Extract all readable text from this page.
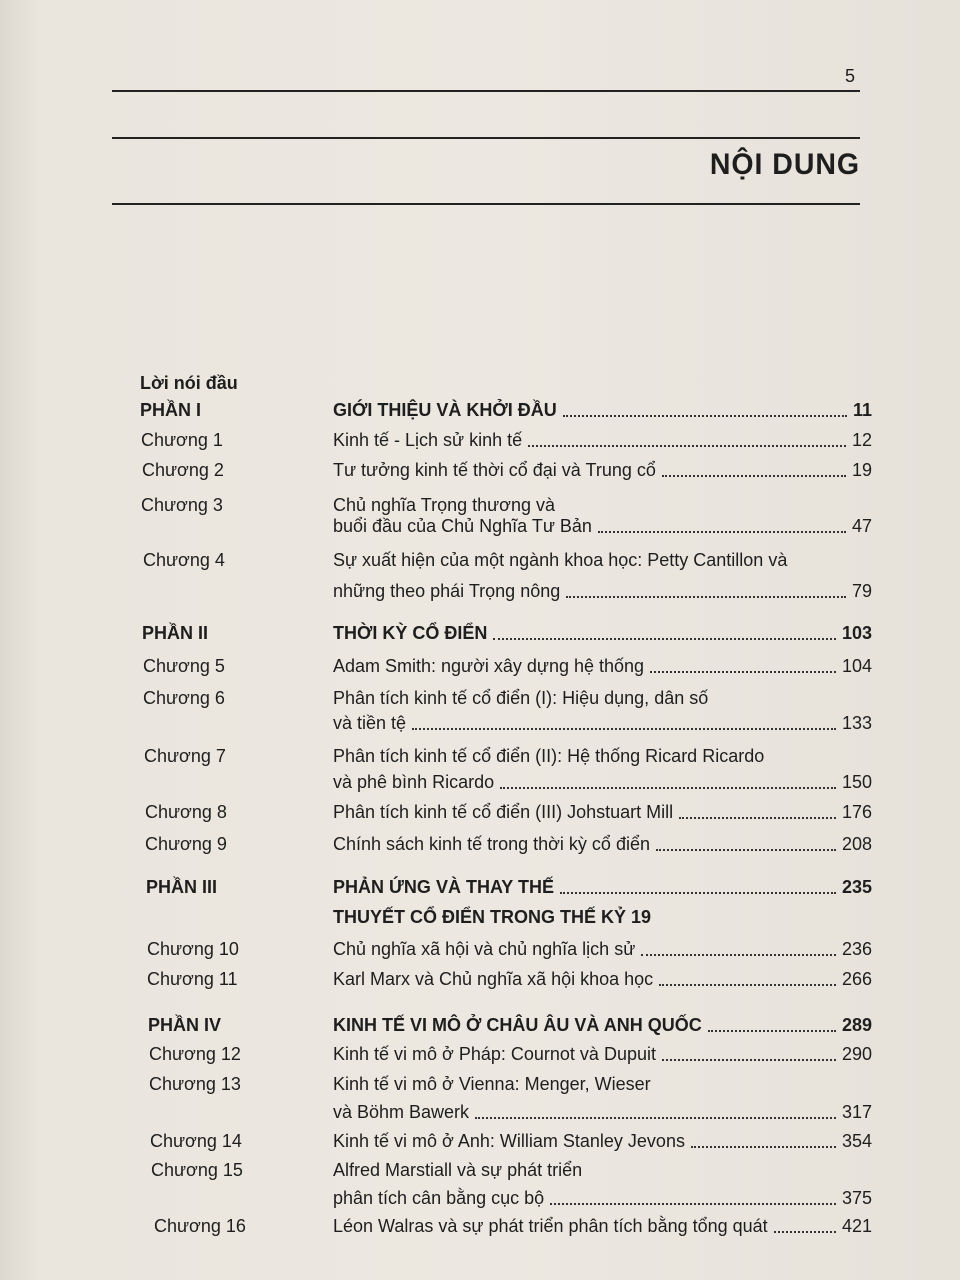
5
NỘI DUNG
Lời nói đầu
PHẦN I	GIỚI THIỆU VÀ KHỞI ĐẦU	11
Chương 1	Kinh tế - Lịch sử kinh tế	12
Chương 2	Tư tưởng kinh tế thời cổ đại và Trung cổ	19
Chương 3	Chủ nghĩa Trọng thương và
buổi đầu của Chủ Nghĩa Tư Bản	47
Chương 4	Sự xuất hiện của một ngành khoa học: Petty Cantillon và
những theo phái Trọng nông	79
PHẦN II	THỜI KỲ CỔ ĐIỂN	103
Chương 5	Adam Smith: người xây dựng hệ thống	104
Chương 6	Phân tích kinh tế cổ điển (I): Hiệu dụng, dân số
và tiền tệ	133
Chương 7	Phân tích kinh tế cổ điển (II): Hệ thống Ricard Ricardo
và phê bình Ricardo	150
Chương 8	Phân tích kinh tế cổ điển (III) Johstuart Mill	176
Chương 9	Chính sách kinh tế trong thời kỳ cổ điển	208
PHẦN III	PHẢN ỨNG VÀ THAY THẾ	235
THUYẾT CỔ ĐIỂN TRONG THẾ KỶ 19
Chương 10	Chủ nghĩa xã hội và chủ nghĩa lịch sử	236
Chương 11	Karl Marx và Chủ nghĩa xã hội khoa học	266
PHẦN IV	KINH TẾ VI MÔ Ở CHÂU ÂU VÀ ANH QUỐC	289
Chương 12	Kinh tế vi mô ở Pháp: Cournot và Dupuit	290
Chương 13	Kinh tế vi mô ở Vienna: Menger, Wieser
và Böhm Bawerk	317
Chương 14	Kinh tế vi mô ở Anh: William Stanley Jevons	354
Chương 15	Alfred Marstiall và sự phát triển
phân tích cân bằng cục bộ	375
Chương 16	Léon Walras và sự phát triển phân tích bằng tổng quát	421
